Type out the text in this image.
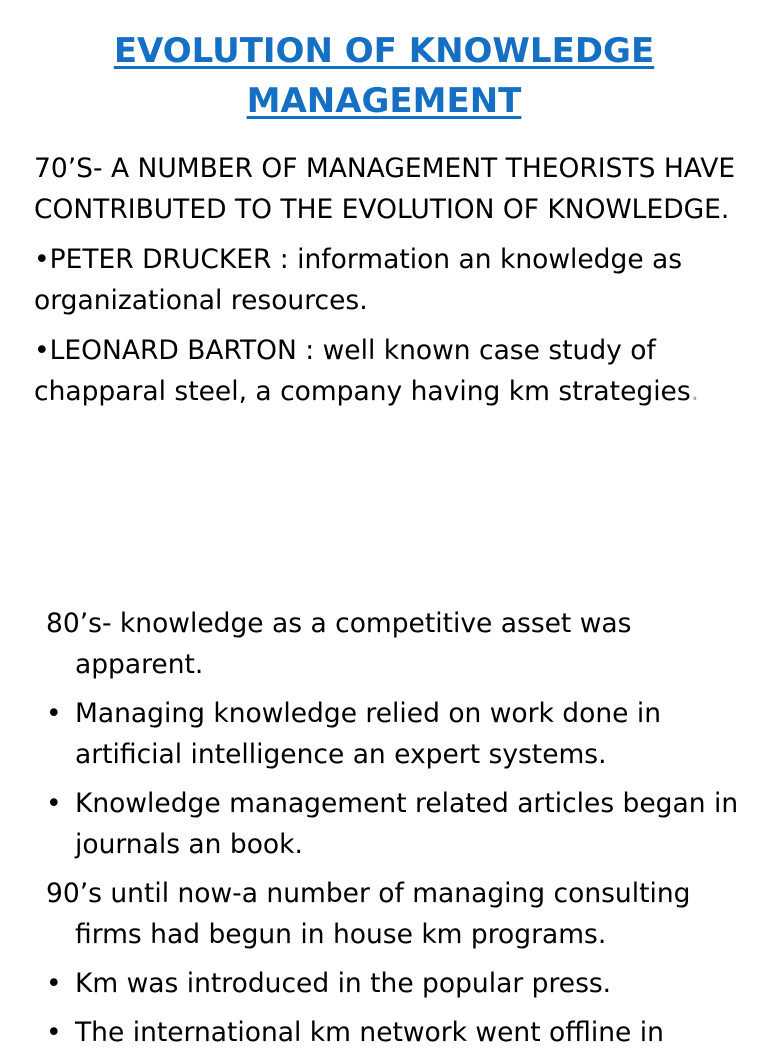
EVOLUTION OF KNOWLEDGE
MANAGEMENT

70’S- A NUMBER OF MANAGEMENT THEORISTS HAVE CONTRIBUTED TO THE EVOLUTION OF KNOWLEDGE.

•PETER DRUCKER : information an knowledge as organizational resources.

•LEONARD BARTON : well known case study of chapparal steel, a company having km strategies.

80’s- knowledge as a competitive asset was apparent.

• Managing knowledge relied on work done in artificial intelligence an expert systems.
• Knowledge management related articles began in journals an book.

90’s until now-a number of managing consulting firms had begun in house km programs.

• Km was introduced in the popular press.
• The international km network went offline in
